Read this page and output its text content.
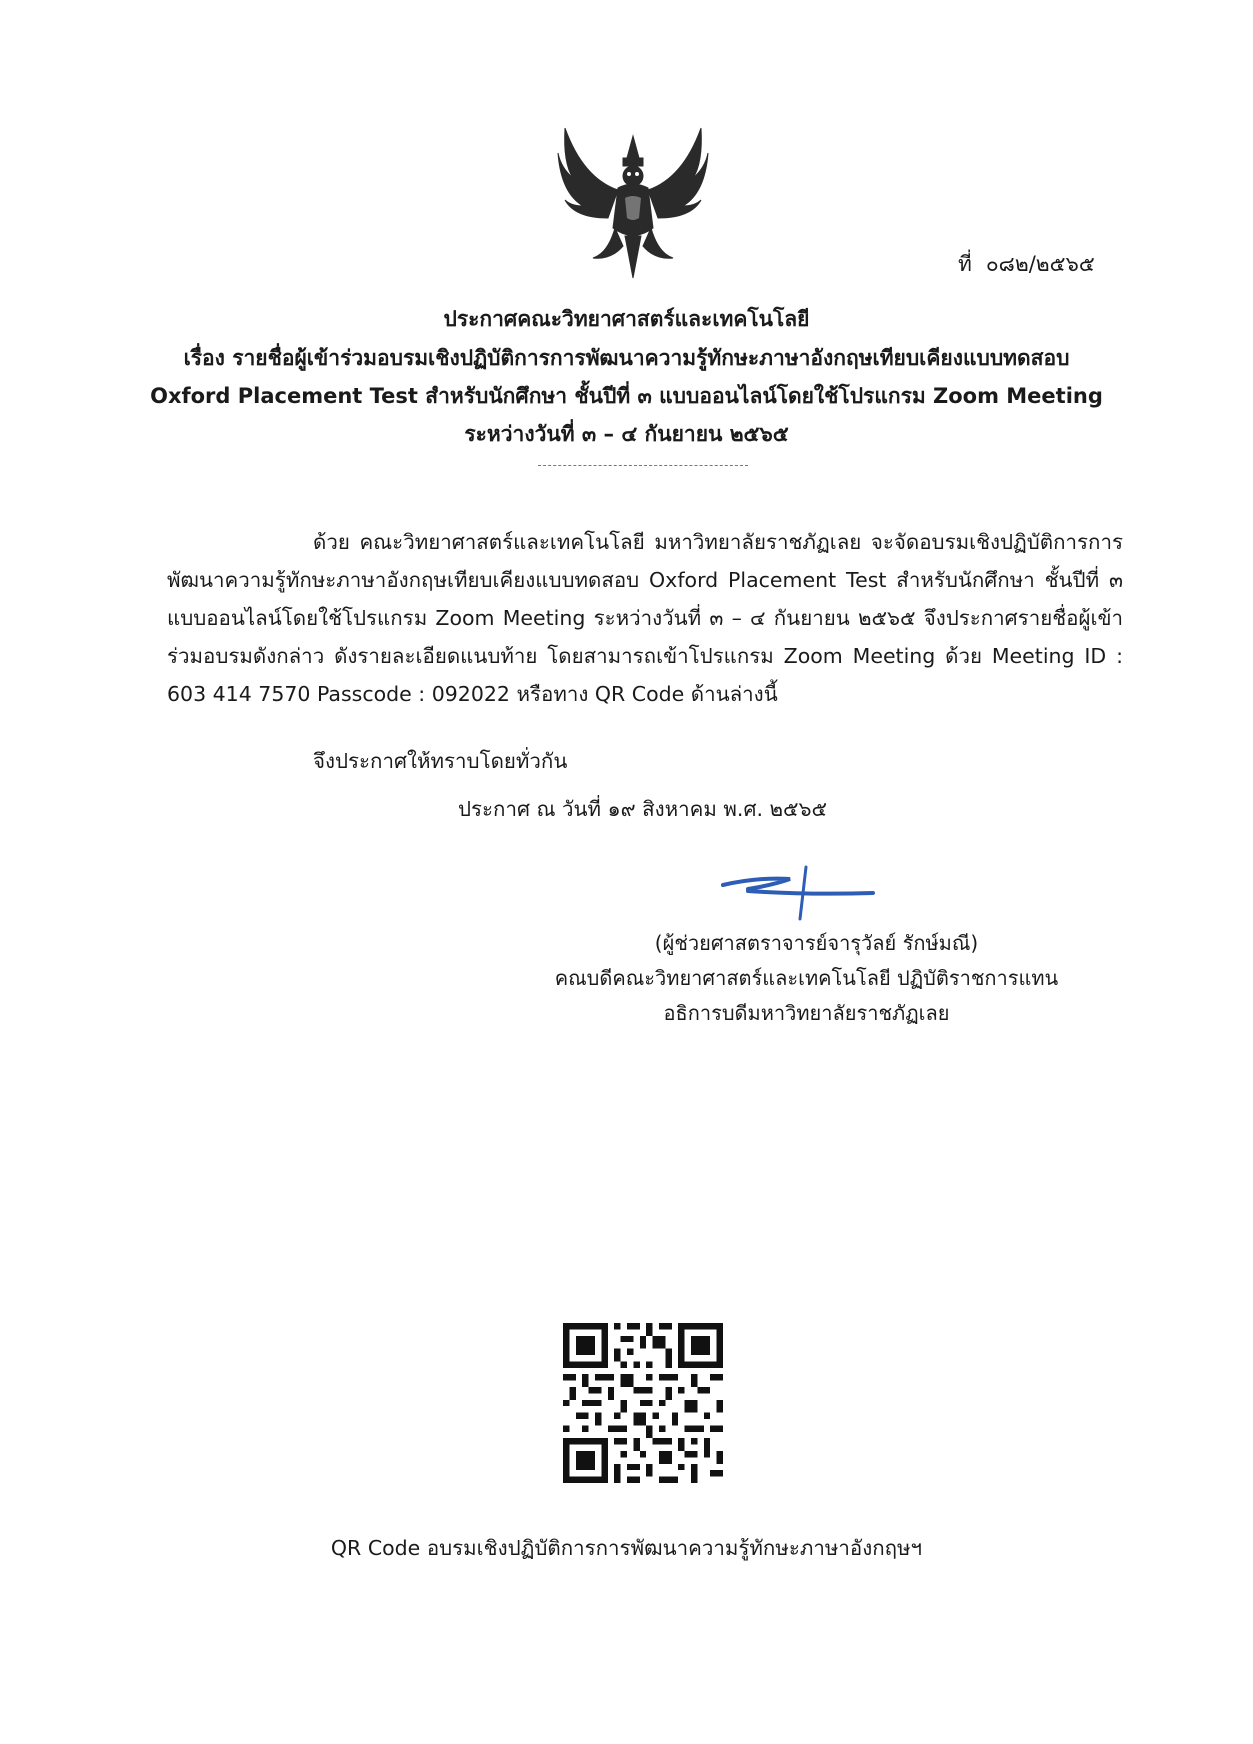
ที่ ๐๘๒/๒๕๖๕
ประกาศคณะวิทยาศาสตร์และเทคโนโลยี
เรื่อง รายชื่อผู้เข้าร่วมอบรมเชิงปฏิบัติการการพัฒนาความรู้ทักษะภาษาอังกฤษเทียบเคียงแบบทดสอบ
Oxford Placement Test สำหรับนักศึกษา ชั้นปีที่ ๓ แบบออนไลน์โดยใช้โปรแกรม Zoom Meeting
ระหว่างวันที่ ๓ – ๔ กันยายน ๒๕๖๕
ด้วย คณะวิทยาศาสตร์และเทคโนโลยี มหาวิทยาลัยราชภัฏเลย จะจัดอบรมเชิงปฏิบัติการการพัฒนาความรู้ทักษะภาษาอังกฤษเทียบเคียงแบบทดสอบ Oxford Placement Test สำหรับนักศึกษา ชั้นปีที่ ๓ แบบออนไลน์โดยใช้โปรแกรม Zoom Meeting ระหว่างวันที่ ๓ – ๔ กันยายน ๒๕๖๕ จึงประกาศรายชื่อผู้เข้าร่วมอบรมดังกล่าว ดังรายละเอียดแนบท้าย โดยสามารถเข้าโปรแกรม Zoom Meeting ด้วย Meeting ID : 603 414 7570 Passcode : 092022 หรือทาง QR Code ด้านล่างนี้
จึงประกาศให้ทราบโดยทั่วกัน
ประกาศ ณ วันที่ ๑๙ สิงหาคม พ.ศ. ๒๕๖๕
(ผู้ช่วยศาสตราจารย์จารุวัลย์ รักษ์มณี)
คณบดีคณะวิทยาศาสตร์และเทคโนโลยี ปฏิบัติราชการแทน
อธิการบดีมหาวิทยาลัยราชภัฏเลย
QR Code อบรมเชิงปฏิบัติการการพัฒนาความรู้ทักษะภาษาอังกฤษฯ
